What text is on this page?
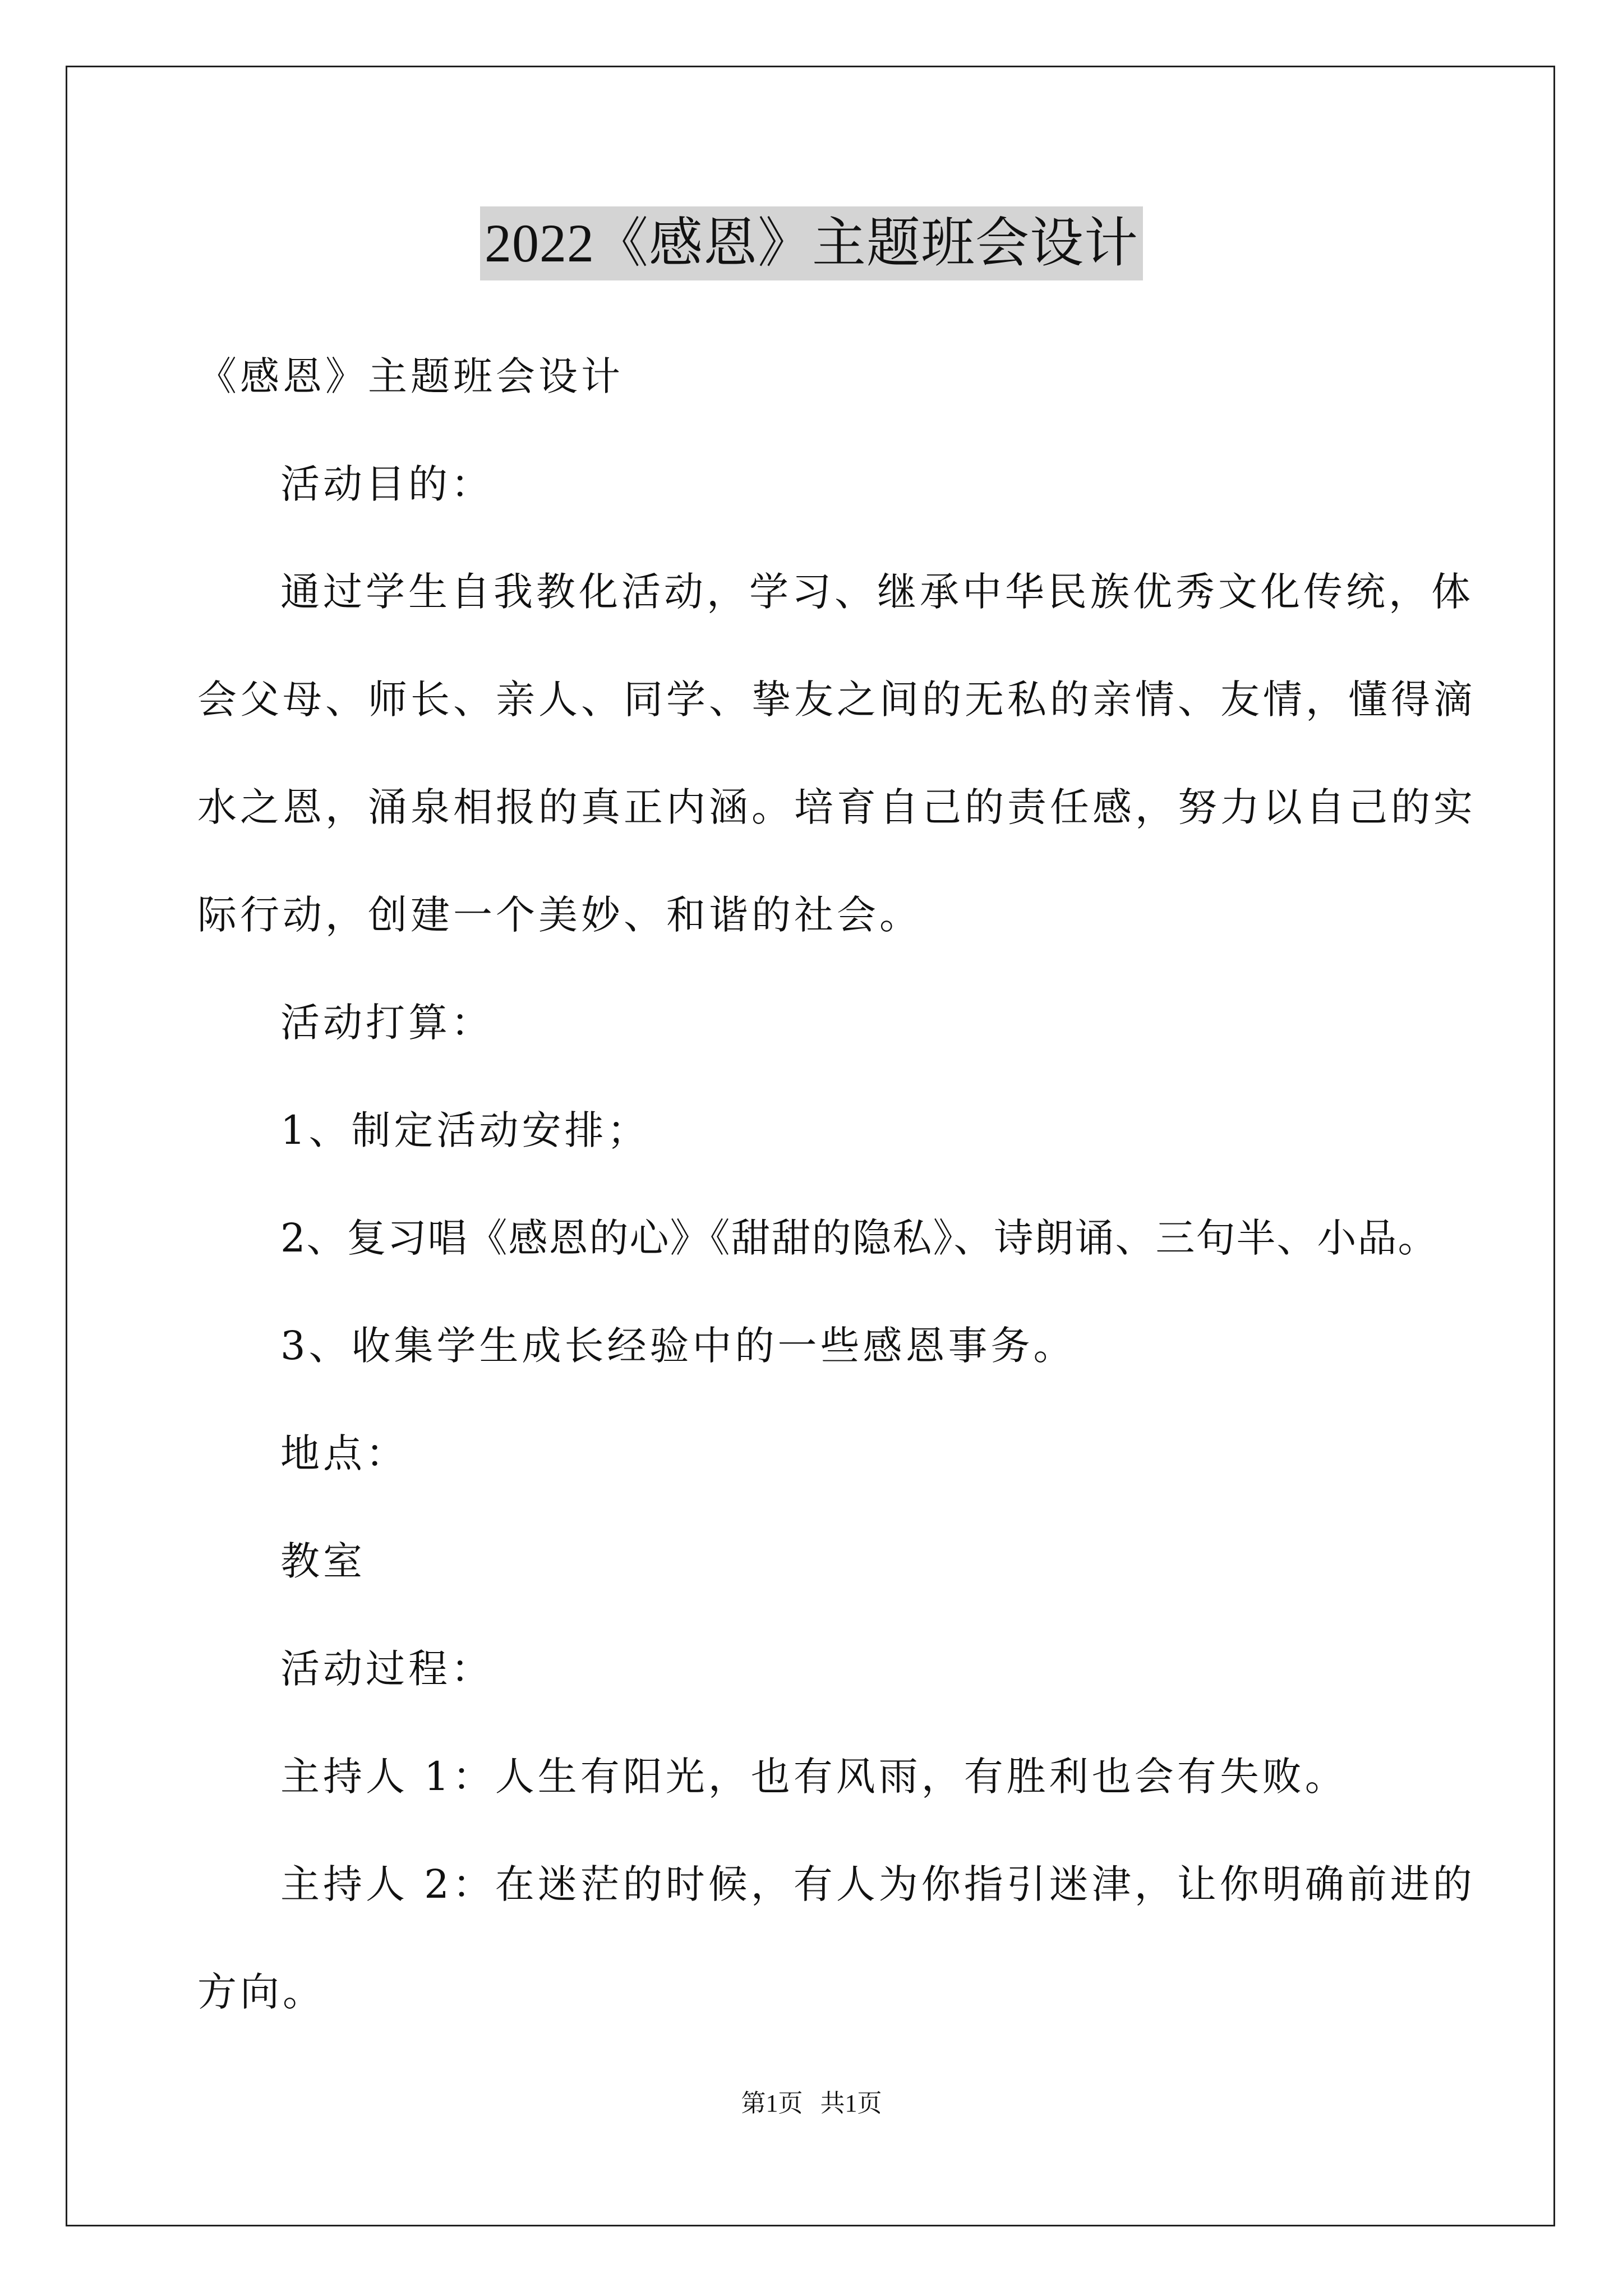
2022《感恩》主题班会设计
《感恩》主题班会设计
活动目的：
通过学生自我教化活动，学习、继承中华民族优秀文化传统，体
会父母、师长、亲人、同学、挚友之间的无私的亲情、友情，懂得滴
水之恩，涌泉相报的真正内涵。培育自己的责任感，努力以自己的实
际行动，创建一个美妙、和谐的社会。
活动打算：
1、制定活动安排；
2、复习唱《感恩的心》《甜甜的隐私》、诗朗诵、三句半、小品。
3、收集学生成长经验中的一些感恩事务。
地点：
教室
活动过程：
主持人 1：人生有阳光，也有风雨，有胜利也会有失败。
主持人 2：在迷茫的时候，有人为你指引迷津，让你明确前进的
方向。
第1页 共1页
